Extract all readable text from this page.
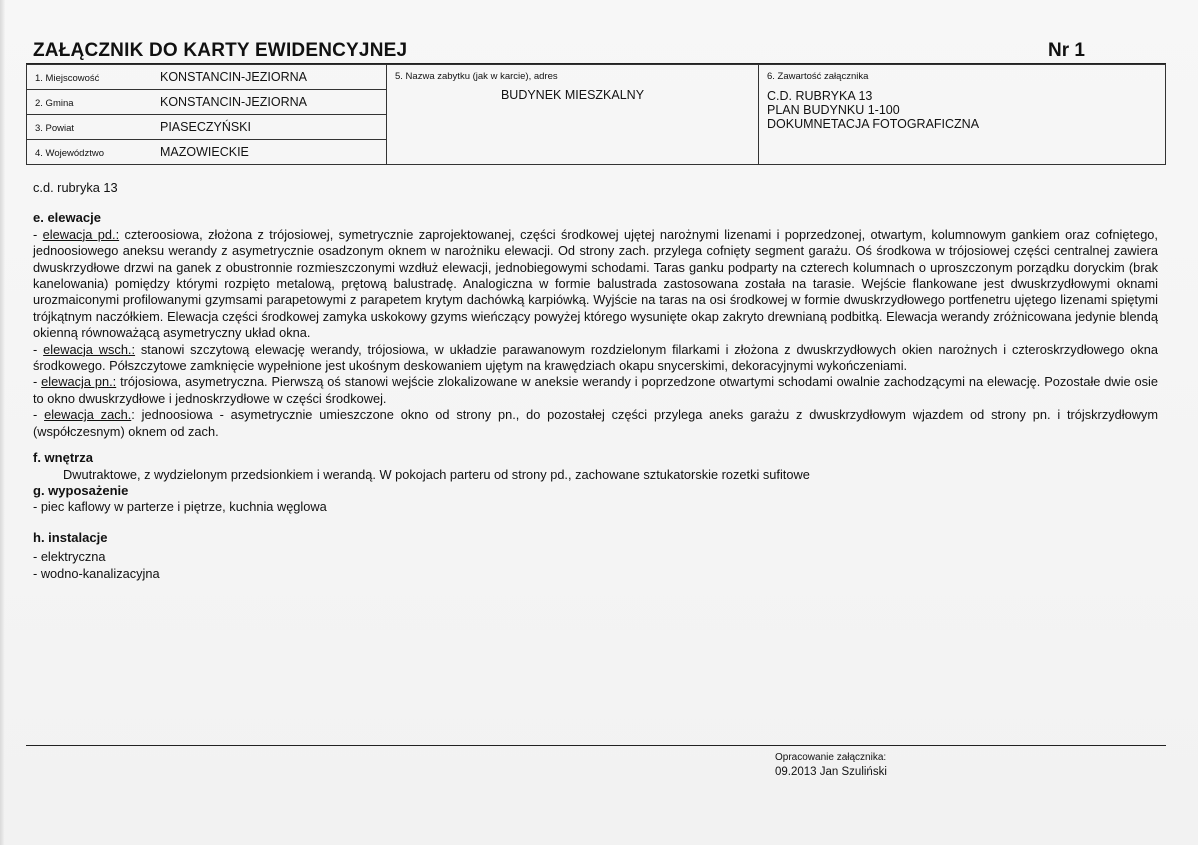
ZAŁĄCZNIK DO KARTY EWIDENCYJNEJ	Nr 1
1. Miejscowość	KONSTANCIN-JEZIORNA	5. Nazwa zabytku (jak w karcie), adres
BUDYNEK MIESZKALNY

6. Zawartość załącznika
C.D. RUBRYKA 13
PLAN BUDYNKU 1-100
DOKUMNETACJA FOTOGRAFICZNA

2. Gmina	KONSTANCIN-JEZIORNA
3. Powiat	PIASECZYŃSKI
4. Województwo	MAZOWIECKIE

c.d. rubryka 13

e. elewacje

- elewacja pd.: czteroosiowa, złożona z trójosiowej, symetrycznie zaprojektowanej, części środkowej ujętej narożnymi lizenami i poprzedzonej, otwartym, kolumnowym gankiem oraz cofniętego, jednoosiowego aneksu werandy z asymetrycznie osadzonym oknem w narożniku elewacji. Od strony zach. przylega cofnięty segment garażu. Oś środkowa w trójosiowej części centralnej zawiera dwuskrzydłowe drzwi na ganek z obustronnie rozmieszczonymi wzdłuż elewacji, jednobiegowymi schodami. Taras ganku podparty na czterech kolumnach o uproszczonym porządku doryckim (brak kanelowania) pomiędzy którymi rozpięto metalową, prętową balustradę. Analogiczna w formie balustrada zastosowana została na tarasie. Wejście flankowane jest dwuskrzydłowymi oknami urozmaiconymi profilowanymi gzymsami parapetowymi z parapetem krytym dachówką karpiówką. Wyjście na taras na osi środkowej w formie dwuskrzydłowego portfenetru ujętego lizenami spiętymi trójkątnym naczółkiem. Elewacja części środkowej zamyka uskokowy gzyms wieńczący powyżej którego wysunięte okap zakryto drewnianą podbitką. Elewacja werandy zróżnicowana jedynie blendą okienną równoważącą asymetryczny układ okna.

- elewacja wsch.: stanowi szczytową elewację werandy, trójosiowa, w układzie parawanowym rozdzielonym filarkami i złożona z dwuskrzydłowych okien narożnych i czteroskrzydłowego okna środkowego. Półszczytowe zamknięcie wypełnione jest ukośnym deskowaniem ujętym na krawędziach okapu snycerskimi, dekoracyjnymi wykończeniami.

- elewacja pn.: trójosiowa, asymetryczna. Pierwszą oś stanowi wejście zlokalizowane w aneksie werandy i poprzedzone otwartymi schodami owalnie zachodzącymi na elewację. Pozostałe dwie osie to okno dwuskrzydłowe i jednoskrzydłowe w części środkowej.

- elewacja zach.: jednoosiowa - asymetrycznie umieszczone okno od strony pn., do pozostałej części przylega aneks garażu z dwuskrzydłowym wjazdem od strony pn. i trójskrzydłowym (współczesnym) oknem od zach.

f. wnętrza

Dwutraktowe, z wydzielonym przedsionkiem i werandą. W pokojach parteru od strony pd., zachowane sztukatorskie rozetki sufitowe

g. wyposażenie

- piec kaflowy w parterze i piętrze, kuchnia węglowa

h. instalacje

- elektryczna

- wodno-kanalizacyjna

Opracowanie załącznika:
09.2013 Jan Szuliński
